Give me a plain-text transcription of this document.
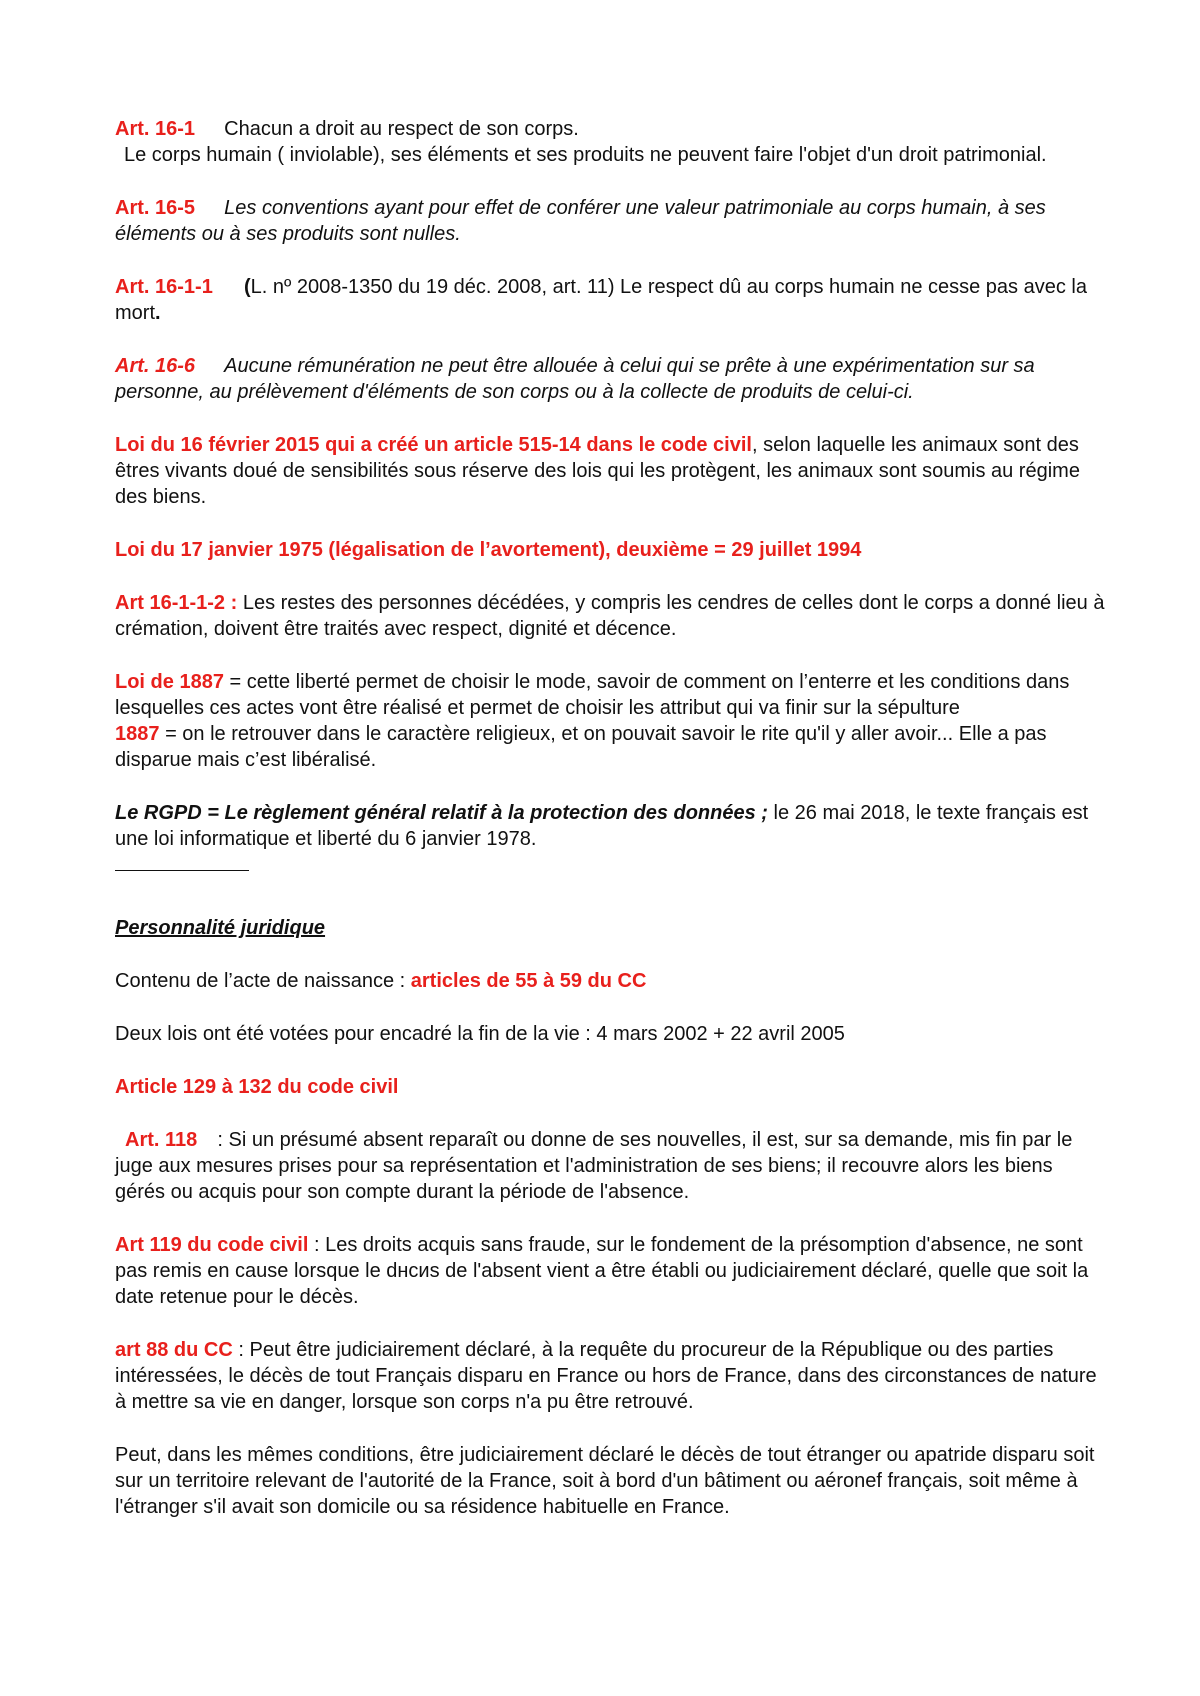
Art. 16-1 Chacun a droit au respect de son corps.
Le corps humain ( inviolable), ses éléments et ses produits ne peuvent faire l'objet d'un droit patrimonial.

Art. 16-5 Les conventions ayant pour effet de conférer une valeur patrimoniale au corps humain, à ses éléments ou à ses produits sont nulles.

Art. 16-1-1 (L. nº 2008-1350 du 19 déc. 2008, art. 11) Le respect dû au corps humain ne cesse pas avec la mort.

Art. 16-6 Aucune rémunération ne peut être allouée à celui qui se prête à une expérimentation sur sa personne, au prélèvement d'éléments de son corps ou à la collecte de produits de celui-ci.

Loi du 16 février 2015 qui a créé un article 515-14 dans le code civil, selon laquelle les animaux sont des êtres vivants doué de sensibilités sous réserve des lois qui les protègent, les animaux sont soumis au régime des biens.

Loi du 17 janvier 1975 (légalisation de l’avortement), deuxième = 29 juillet 1994

Art 16-1-1-2 : Les restes des personnes décédées, y compris les cendres de celles dont le corps a donné lieu à crémation, doivent être traités avec respect, dignité et décence.

Loi de 1887 = cette liberté permet de choisir le mode, savoir de comment on l’enterre et les conditions dans lesquelles ces actes vont être réalisé et permet de choisir les attribut qui va finir sur la sépulture
1887 = on le retrouver dans le caractère religieux, et on pouvait savoir le rite qu'il y aller avoir... Elle a pas disparue mais c’est libéralisé.

Le RGPD = Le règlement général relatif à la protection des données ; le 26 mai 2018, le texte français est une loi informatique et liberté du 6 janvier 1978.

Personnalité juridique

Contenu de l’acte de naissance : articles de 55 à 59 du CC

Deux lois ont été votées pour encadré la fin de la vie : 4 mars 2002 + 22 avril 2005

Article 129 à 132 du code civil

Art. 118 : Si un présumé absent reparaît ou donne de ses nouvelles, il est, sur sa demande, mis fin par le juge aux mesures prises pour sa représentation et l'administration de ses biens; il recouvre alors les biens gérés ou acquis pour son compte durant la période de l'absence.

Art 119 du code civil : Les droits acquis sans fraude, sur le fondement de la présomption d'absence, ne sont pas remis en cause lorsque le dнcиs de l'absent vient a être établi ou judiciairement déclaré, quelle que soit la date retenue pour le décès.

art 88 du CC : Peut être judiciairement déclaré, à la requête du procureur de la République ou des parties intéressées, le décès de tout Français disparu en France ou hors de France, dans des circonstances de nature à mettre sa vie en danger, lorsque son corps n'a pu être retrouvé.

Peut, dans les mêmes conditions, être judiciairement déclaré le décès de tout étranger ou apatride disparu soit sur un territoire relevant de l'autorité de la France, soit à bord d'un bâtiment ou aéronef français, soit même à l'étranger s'il avait son domicile ou sa résidence habituelle en France.
